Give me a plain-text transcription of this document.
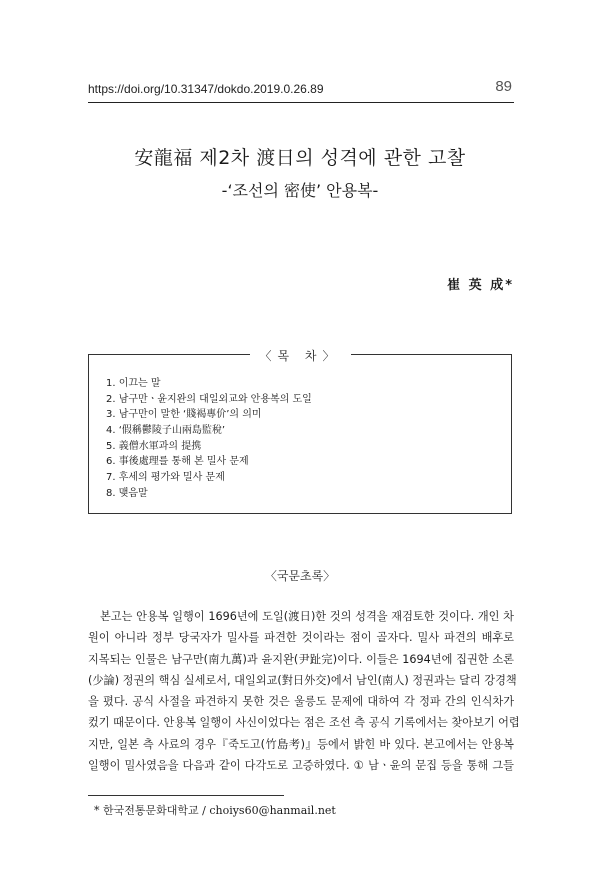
https://doi.org/10.31347/dokdo.2019.0.26.89	89
安龍福 제2차 渡日의 성격에 관한 고찰
-‘조선의 密使’ 안용복-
崔 英 成*
〈목 차〉
1. 이끄는 말
2. 남구만ㆍ윤지완의 대일외교와 안용복의 도일
3. 남구만이 말한 ‘賤褐專价’의 의미
4. ‘假稱鬱陵子山兩島監稅’
5. 義僧水軍과의 提携
6. 事後處理를 통해 본 밀사 문제
7. 후세의 평가와 밀사 문제
8. 맺음말
〈국문초록〉
본고는 안용복 일행이 1696년에 도일(渡日)한 것의 성격을 재검토한 것이다. 개인 차
원이 아니라 정부 당국자가 밀사를 파견한 것이라는 점이 골자다. 밀사 파견의 배후로
지목되는 인물은 남구만(南九萬)과 윤지완(尹趾完)이다. 이들은 1694년에 집권한 소론
(少論) 정권의 핵심 실세로서, 대일외교(對日外交)에서 남인(南人) 정권과는 달리 강경책
을 폈다. 공식 사절을 파견하지 못한 것은 울릉도 문제에 대하여 각 정파 간의 인식차가
컸기 때문이다. 안용복 일행이 사신이었다는 점은 조선 측 공식 기록에서는 찾아보기 어렵
지만, 일본 측 사료의 경우『죽도고(竹島考)』등에서 밝힌 바 있다. 본고에서는 안용복
일행이 밀사였음을 다음과 같이 다각도로 고증하였다. ① 남ㆍ윤의 문집 등을 통해 그들
* 한국전통문화대학교 / choiys60@hanmail.net
